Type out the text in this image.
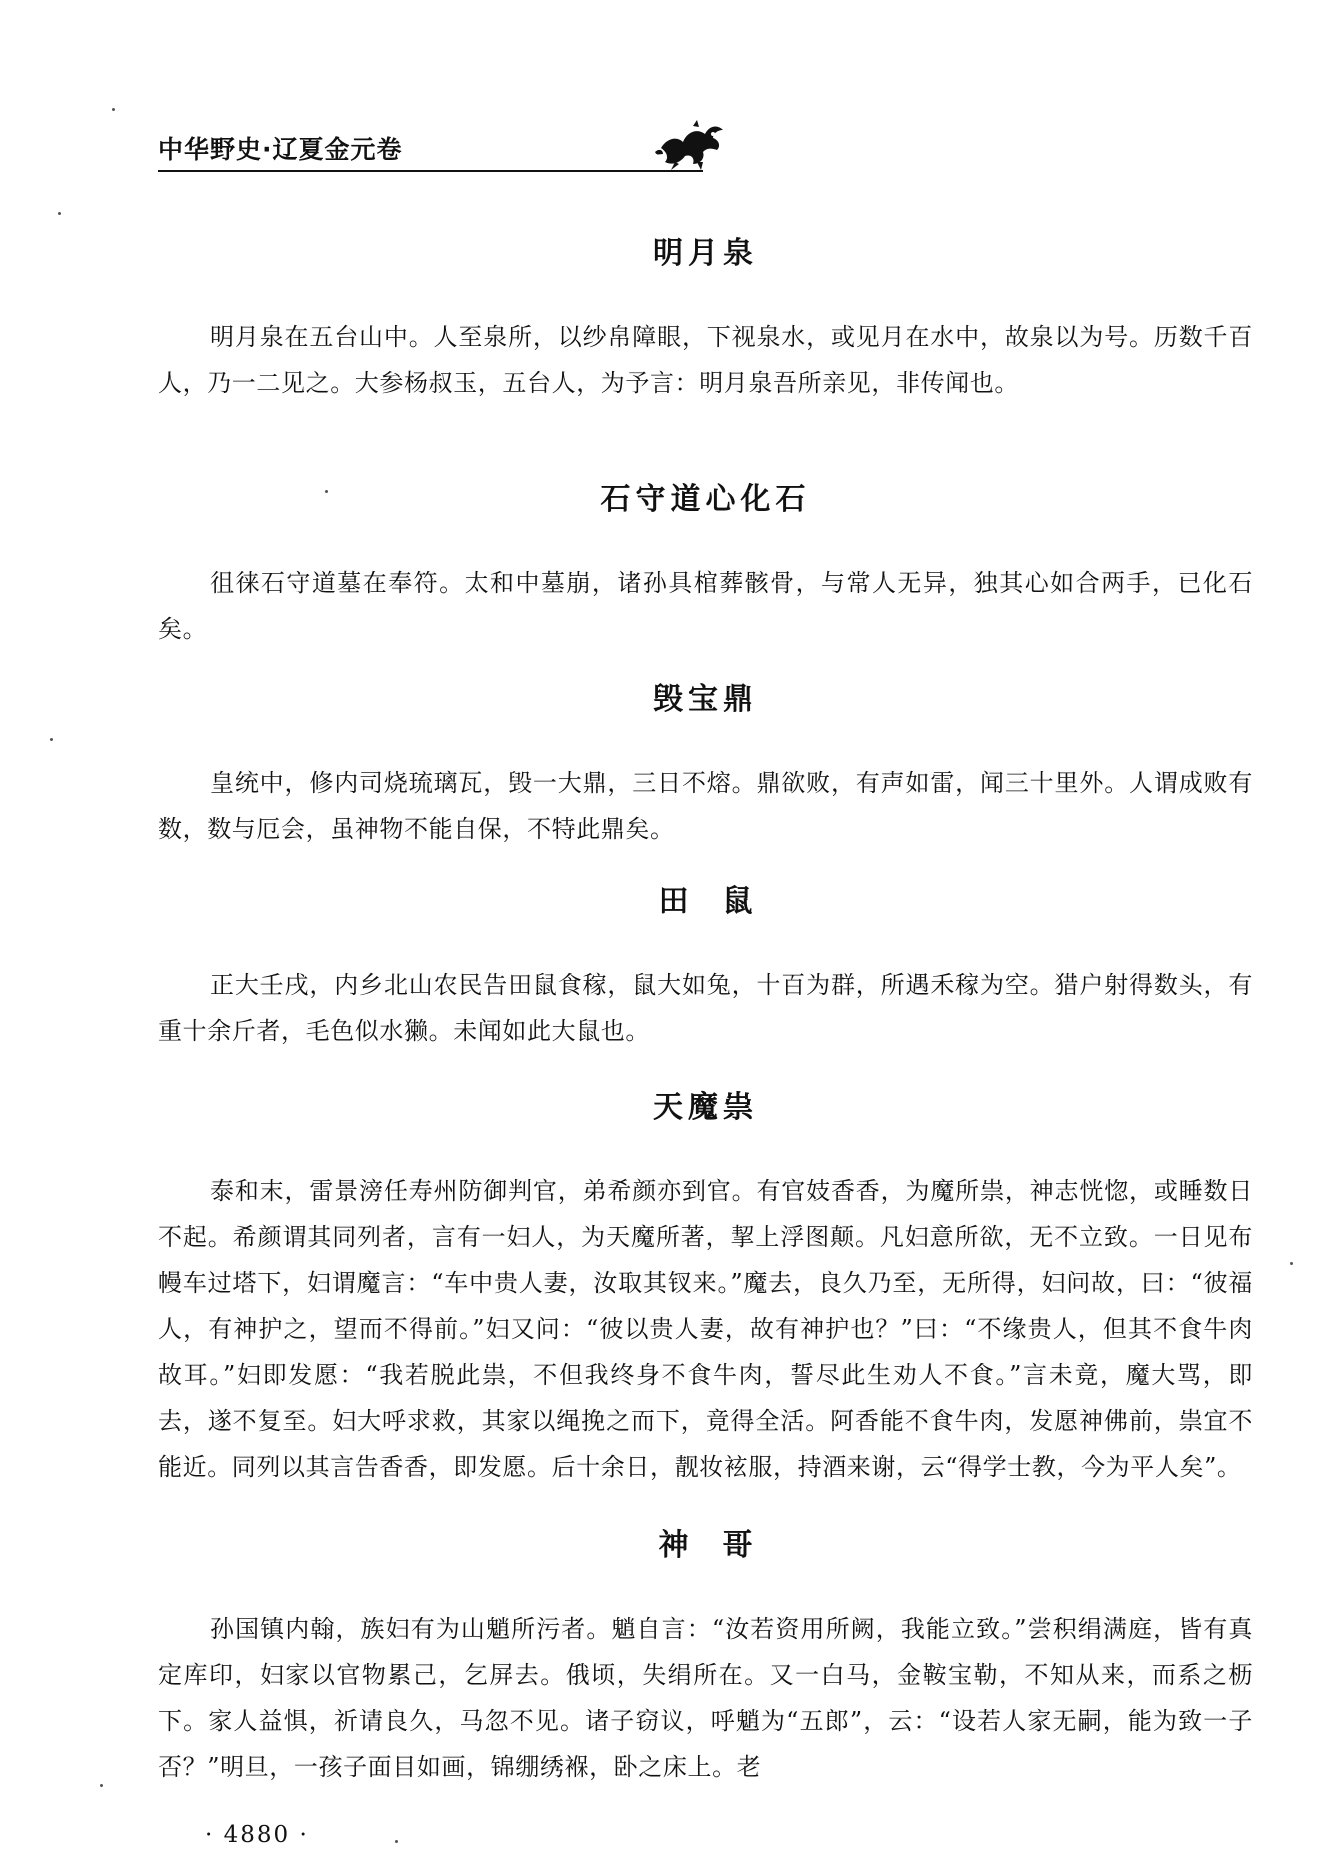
中华野史·辽夏金元卷
明月泉

明月泉在五台山中。人至泉所，以纱帛障眼，下视泉水，或见月在水中，故泉以为号。历数千百人，乃一二见之。大参杨叔玉，五台人，为予言：明月泉吾所亲见，非传闻也。

石守道心化石

徂徕石守道墓在奉符。太和中墓崩，诸孙具棺葬骸骨，与常人无异，独其心如合两手，已化石矣。

毁宝鼎

皇统中，修内司烧琉璃瓦，毁一大鼎，三日不熔。鼎欲败，有声如雷，闻三十里外。人谓成败有数，数与厄会，虽神物不能自保，不特此鼎矣。

田鼠

正大壬戌，内乡北山农民告田鼠食稼，鼠大如兔，十百为群，所遇禾稼为空。猎户射得数头，有重十余斤者，毛色似水獭。未闻如此大鼠也。

天魔祟

泰和末，雷景滂任寿州防御判官，弟希颜亦到官。有官妓香香，为魔所祟，神志恍惚，或睡数日不起。希颜谓其同列者，言有一妇人，为天魔所著，挈上浮图颠。凡妇意所欲，无不立致。一日见布幔车过塔下，妇谓魔言：“车中贵人妻，汝取其钗来。”魔去，良久乃至，无所得，妇问故，曰：“彼福人，有神护之，望而不得前。”妇又问：“彼以贵人妻，故有神护也？”曰：“不缘贵人，但其不食牛肉故耳。”妇即发愿：“我若脱此祟，不但我终身不食牛肉，誓尽此生劝人不食。”言未竟，魔大骂，即去，遂不复至。妇大呼求救，其家以绳挽之而下，竟得全活。阿香能不食牛肉，发愿神佛前，祟宜不能近。同列以其言告香香，即发愿。后十余日，靓妆袨服，持酒来谢，云“得学士教，今为平人矣”。

神哥

孙国镇内翰，族妇有为山魈所污者。魈自言：“汝若资用所阙，我能立致。”尝积绢满庭，皆有真定库印，妇家以官物累己，乞屏去。俄顷，失绢所在。又一白马，金鞍宝勒，不知从来，而系之枥下。家人益惧，祈请良久，马忽不见。诸子窃议，呼魈为“五郎”，云：“设若人家无嗣，能为致一子否？”明旦，一孩子面目如画，锦绷绣褓，卧之床上。老

· 4880 ·
